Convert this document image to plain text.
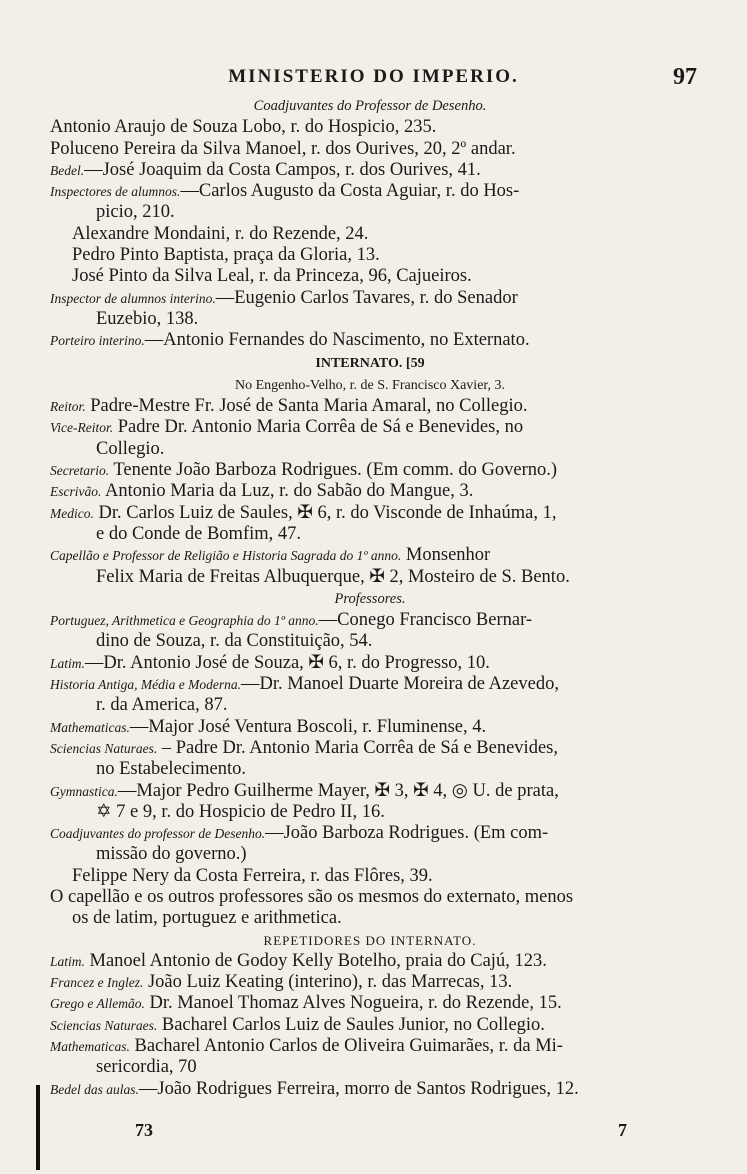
MINISTERIO DO IMPERIO.	97
Coadjuvantes do Professor de Desenho.
Antonio Araujo de Souza Lobo, r. do Hospicio, 235.
Poluceno Pereira da Silva Manoel, r. dos Ourives, 20, 2º andar.
Bedel.—José Joaquim da Costa Campos, r. dos Ourives, 41.
Inspectores de alumnos.—Carlos Augusto da Costa Aguiar, r. do Hos-
picio, 210.
Alexandre Mondaini, r. do Rezende, 24.
Pedro Pinto Baptista, praça da Gloria, 13.
José Pinto da Silva Leal, r. da Princeza, 96, Cajueiros.
Inspector de alumnos interino.—Eugenio Carlos Tavares, r. do Senador
Euzebio, 138.
Porteiro interino.—Antonio Fernandes do Nascimento, no Externato.
INTERNATO. [59
No Engenho-Velho, r. de S. Francisco Xavier, 3.
Reitor. Padre-Mestre Fr. José de Santa Maria Amaral, no Collegio.
Vice-Reitor. Padre Dr. Antonio Maria Corrêa de Sá e Benevides, no
Collegio.
Secretario. Tenente João Barboza Rodrigues. (Em comm. do Governo.)
Escrivão. Antonio Maria da Luz, r. do Sabão do Mangue, 3.
Medico. Dr. Carlos Luiz de Saules, ✠ 6, r. do Visconde de Inhaúma, 1,
e do Conde de Bomfim, 47.
Capellão e Professor de Religião e Historia Sagrada do 1º anno. Monsenhor
Felix Maria de Freitas Albuquerque, ✠ 2, Mosteiro de S. Bento.
Professores.
Portuguez, Arithmetica e Geographia do 1º anno.—Conego Francisco Bernar-
dino de Souza, r. da Constituição, 54.
Latim.—Dr. Antonio José de Souza, ✠ 6, r. do Progresso, 10.
Historia Antiga, Média e Moderna.—Dr. Manoel Duarte Moreira de Azevedo,
r. da America, 87.
Mathematicas.—Major José Ventura Boscoli, r. Fluminense, 4.
Sciencias Naturaes. – Padre Dr. Antonio Maria Corrêa de Sá e Benevides,
no Estabelecimento.
Gymnastica.—Major Pedro Guilherme Mayer, ✠ 3, ✠ 4, ◎ U. de prata,
✡ 7 e 9, r. do Hospicio de Pedro II, 16.
Coadjuvantes do professor de Desenho.—João Barboza Rodrigues. (Em com-
missão do governo.)
Felippe Nery da Costa Ferreira, r. das Flôres, 39.
O capellão e os outros professores são os mesmos do externato, menos
os de latim, portuguez e arithmetica.
REPETIDORES DO INTERNATO.
Latim. Manoel Antonio de Godoy Kelly Botelho, praia do Cajú, 123.
Francez e Inglez. João Luiz Keating (interino), r. das Marrecas, 13.
Grego e Allemão. Dr. Manoel Thomaz Alves Nogueira, r. do Rezende, 15.
Sciencias Naturaes. Bacharel Carlos Luiz de Saules Junior, no Collegio.
Mathematicas. Bacharel Antonio Carlos de Oliveira Guimarães, r. da Mi-
sericordia, 70
Bedel das aulas.—João Rodrigues Ferreira, morro de Santos Rodrigues, 12.
73	7
